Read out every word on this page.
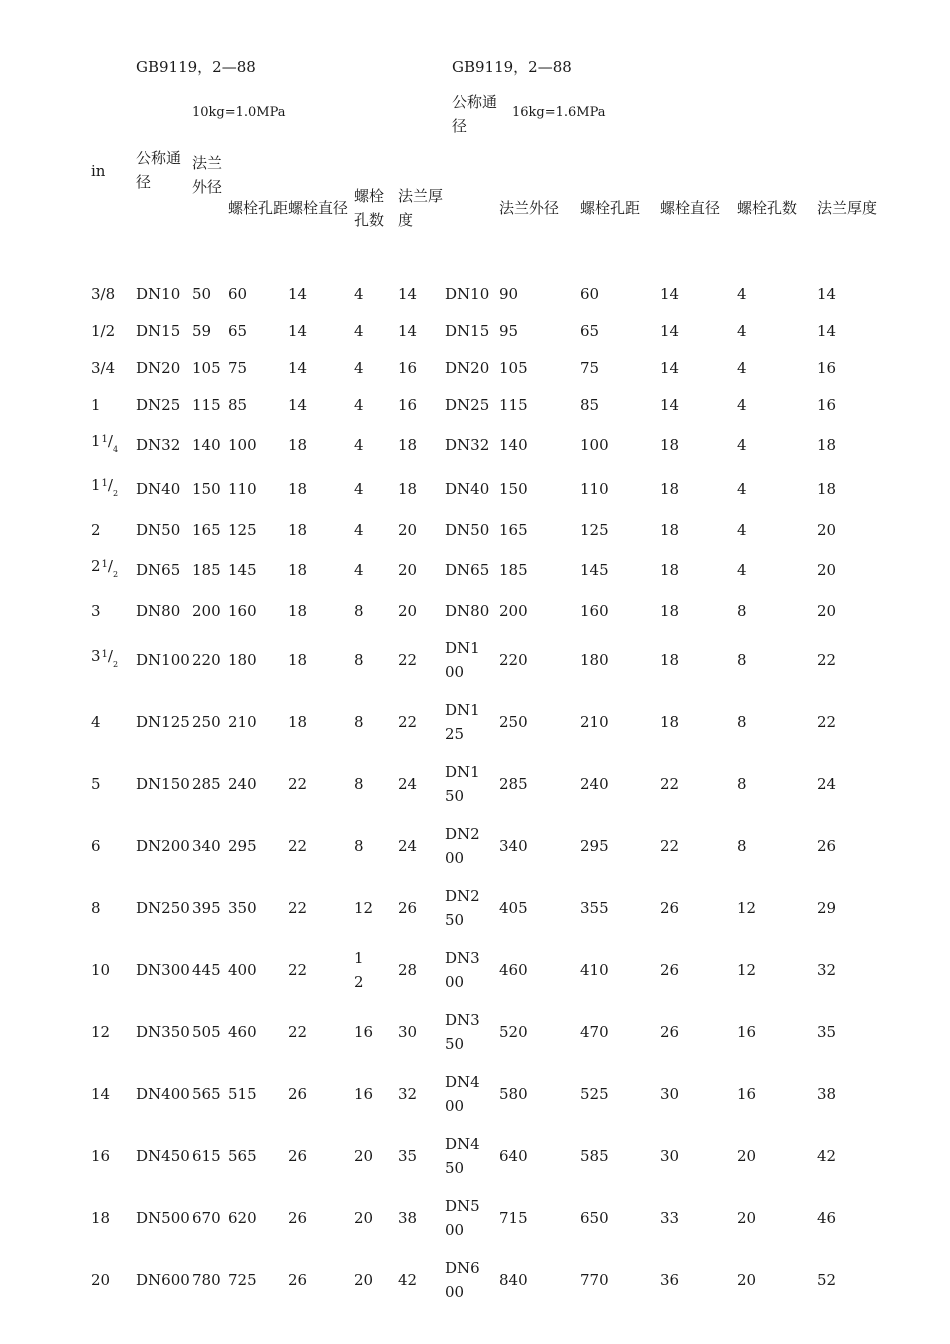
GB9119，2—88	GB9119，2—88
10kg=1.0MPa
公称通径
16kg=1.6MPa
in	公称通径	法兰外径	螺栓孔距	螺栓直径	螺栓孔数	法兰厚度		法兰外径	螺栓孔距	螺栓直径	螺栓孔数	法兰厚度
3/8	DN10	50	60	14	4	14	DN10	90	60	14	4	14
1/2	DN15	59	65	14	4	14	DN15	95	65	14	4	14
3/4	DN20	105	75	14	4	16	DN20	105	75	14	4	16
1	DN25	115	85	14	4	16	DN25	115	85	14	4	16
$1^1/_4$	DN32	140	100	18	4	18	DN32	140	100	18	4	18
$1^1/_2$	DN40	150	110	18	4	18	DN40	150	110	18	4	18
2	DN50	165	125	18	4	20	DN50	165	125	18	4	20
$2^1/_2$	DN65	185	145	18	4	20	DN65	185	145	18	4	20
3	DN80	200	160	18	8	20	DN80	200	160	18	8	20
$3^1/_2$	DN100	220	180	18	8	22	DN100	220	180	18	8	22
4	DN125	250	210	18	8	22	DN125	250	210	18	8	22
5	DN150	285	240	22	8	24	DN150	285	240	22	8	24
6	DN200	340	295	22	8	24	DN200	340	295	22	8	26
8	DN250	395	350	22	12	26	DN250	405	355	26	12	29
10	DN300	445	400	22	12	28	DN300	460	410	26	12	32
12	DN350	505	460	22	16	30	DN350	520	470	26	16	35
14	DN400	565	515	26	16	32	DN400	580	525	30	16	38
16	DN450	615	565	26	20	35	DN450	640	585	30	20	42
18	DN500	670	620	26	20	38	DN500	715	650	33	20	46
20	DN600	780	725	26	20	42	DN600	840	770	36	20	52
